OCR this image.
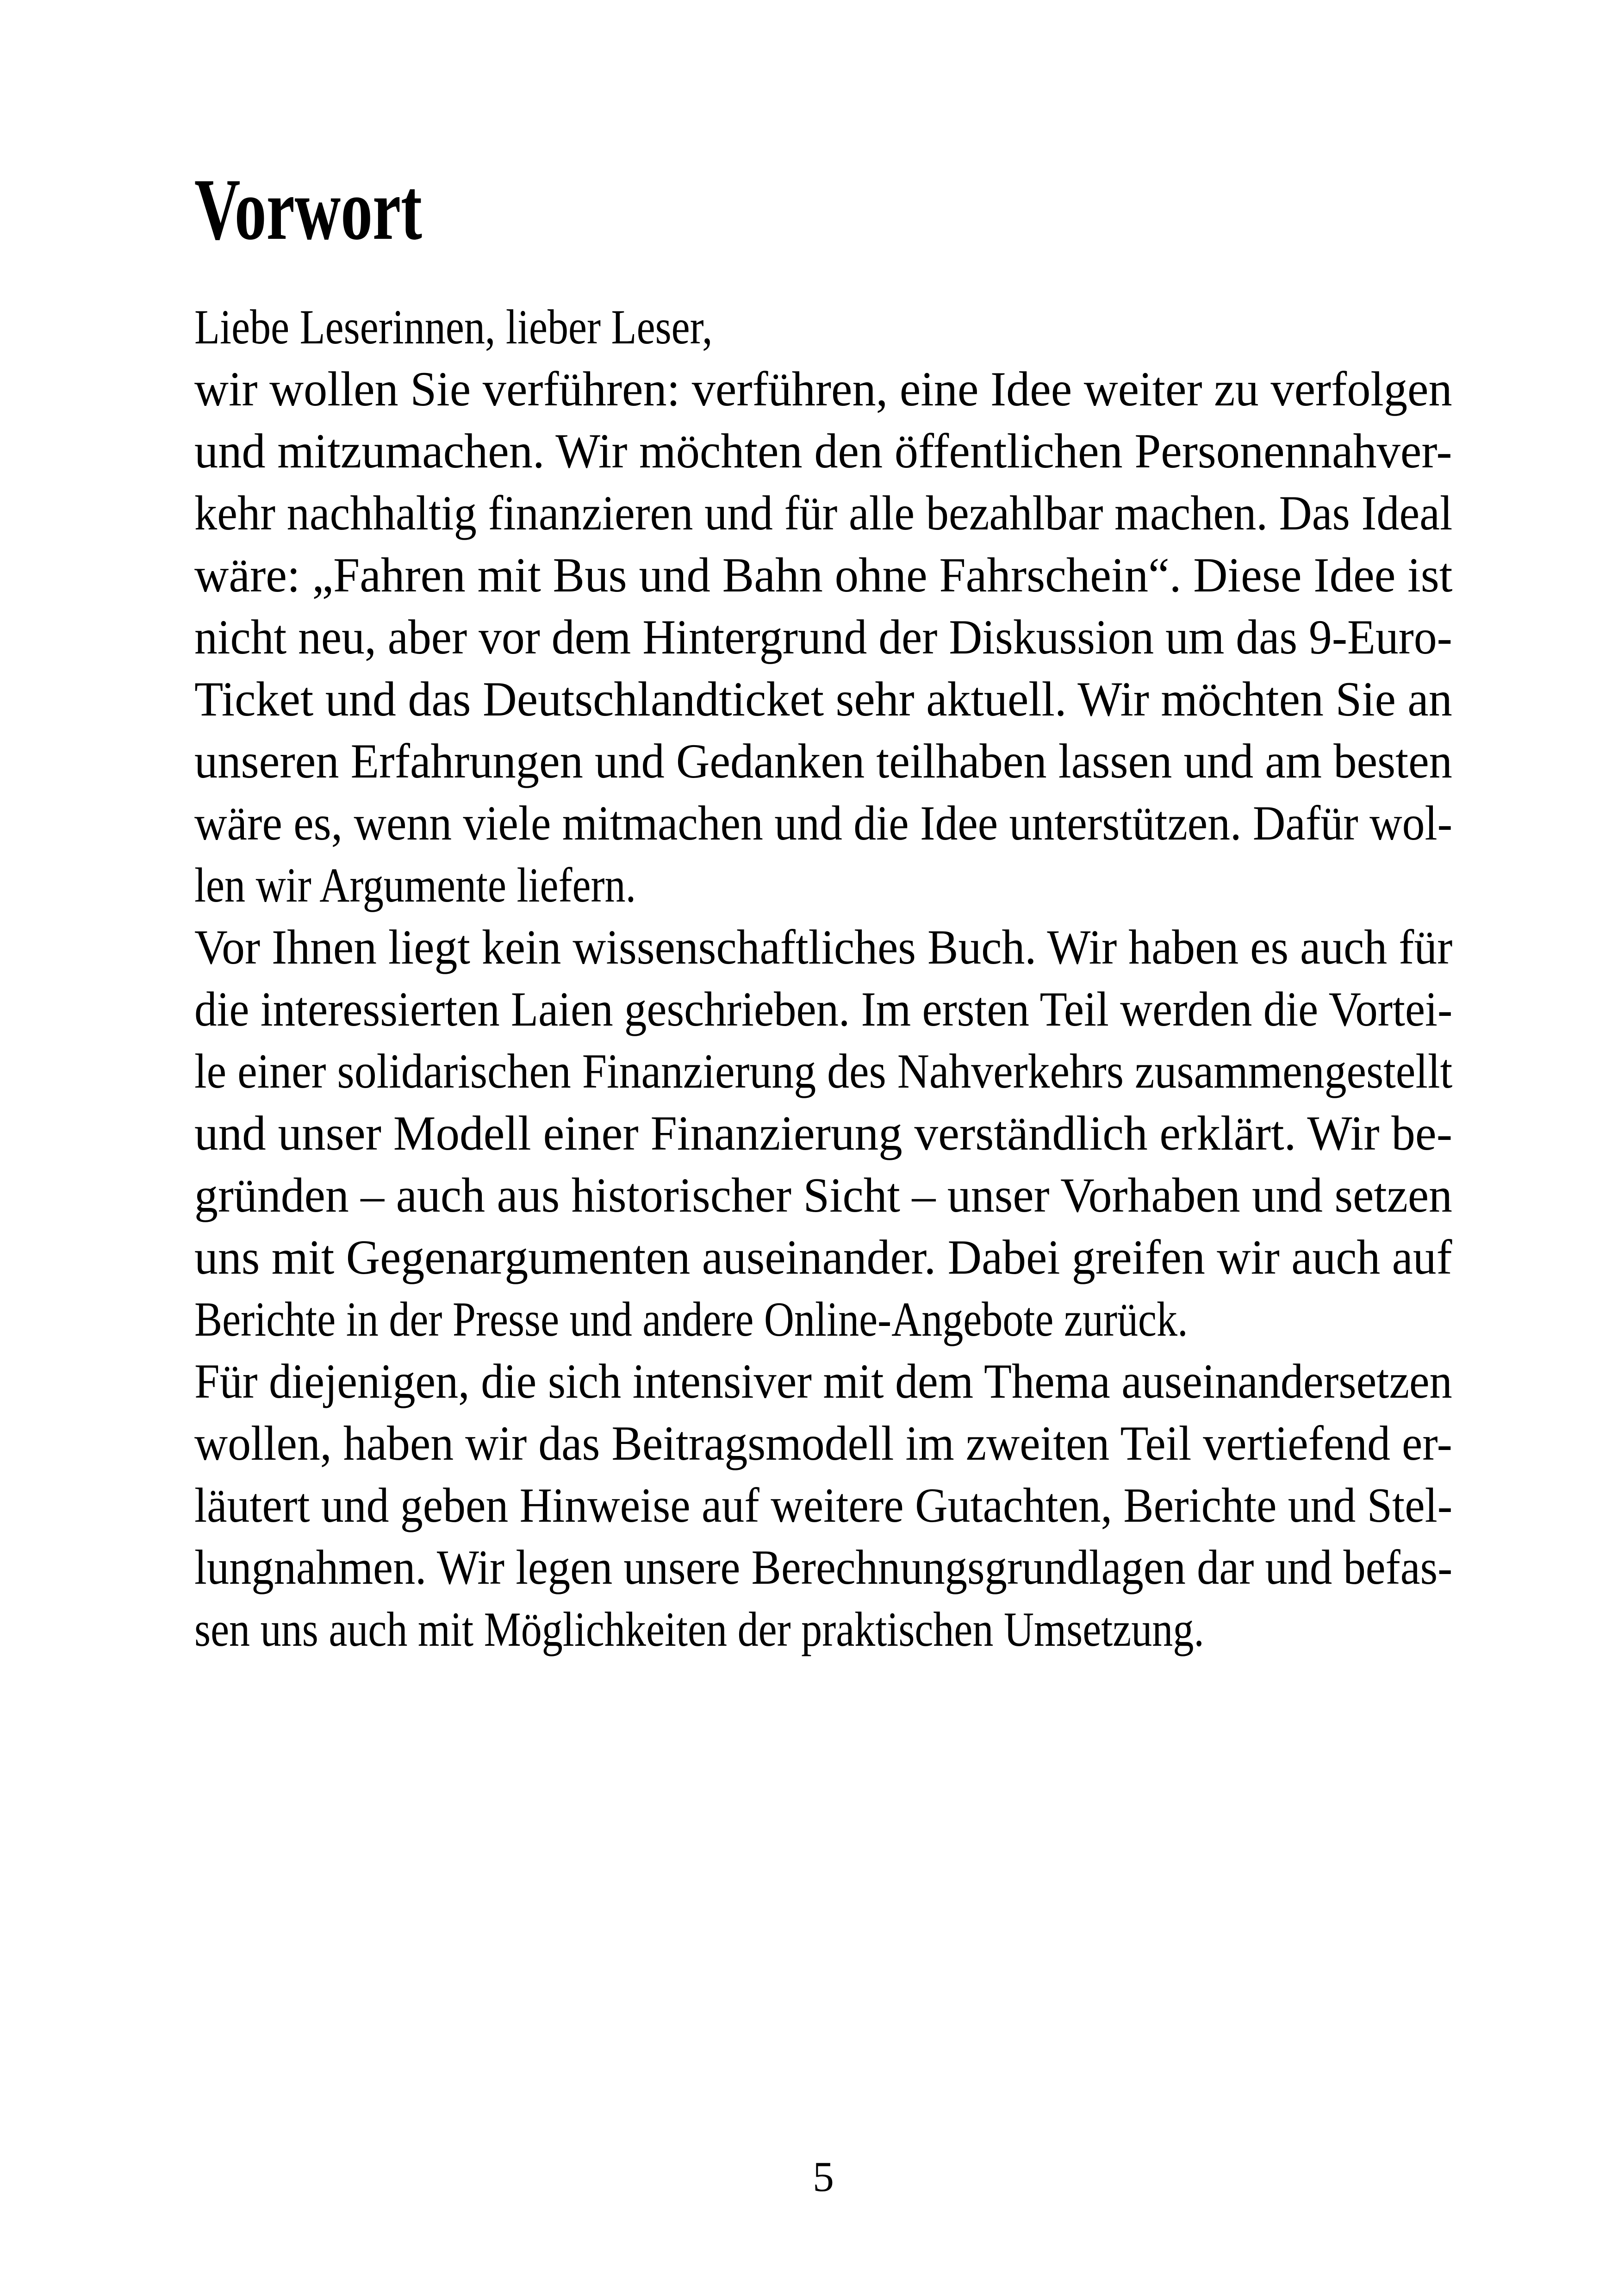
Vorwort
Liebe Leserinnen, lieber Leser,
wir wollen Sie verführen: verführen, eine Idee weiter zu verfolgen
und mitzumachen. Wir möchten den öffentlichen Personennahver-
kehr nachhaltig finanzieren und für alle bezahlbar machen. Das Ideal
wäre: „Fahren mit Bus und Bahn ohne Fahrschein“. Diese Idee ist
nicht neu, aber vor dem Hintergrund der Diskussion um das 9-Euro-
Ticket und das Deutschlandticket sehr aktuell. Wir möchten Sie an
unseren Erfahrungen und Gedanken teilhaben lassen und am besten
wäre es, wenn viele mitmachen und die Idee unterstützen. Dafür wol-
len wir Argumente liefern.
Vor Ihnen liegt kein wissenschaftliches Buch. Wir haben es auch für
die interessierten Laien geschrieben. Im ersten Teil werden die Vortei-
le einer solidarischen Finanzierung des Nahverkehrs zusammengestellt
und unser Modell einer Finanzierung verständlich erklärt. Wir be-
gründen – auch aus historischer Sicht – unser Vorhaben und setzen
uns mit Gegenargumenten auseinander. Dabei greifen wir auch auf
Berichte in der Presse und andere Online-Angebote zurück.
Für diejenigen, die sich intensiver mit dem Thema auseinandersetzen
wollen, haben wir das Beitragsmodell im zweiten Teil vertiefend er-
läutert und geben Hinweise auf weitere Gutachten, Berichte und Stel-
lungnahmen. Wir legen unsere Berechnungsgrundlagen dar und befas-
sen uns auch mit Möglichkeiten der praktischen Umsetzung.
5
